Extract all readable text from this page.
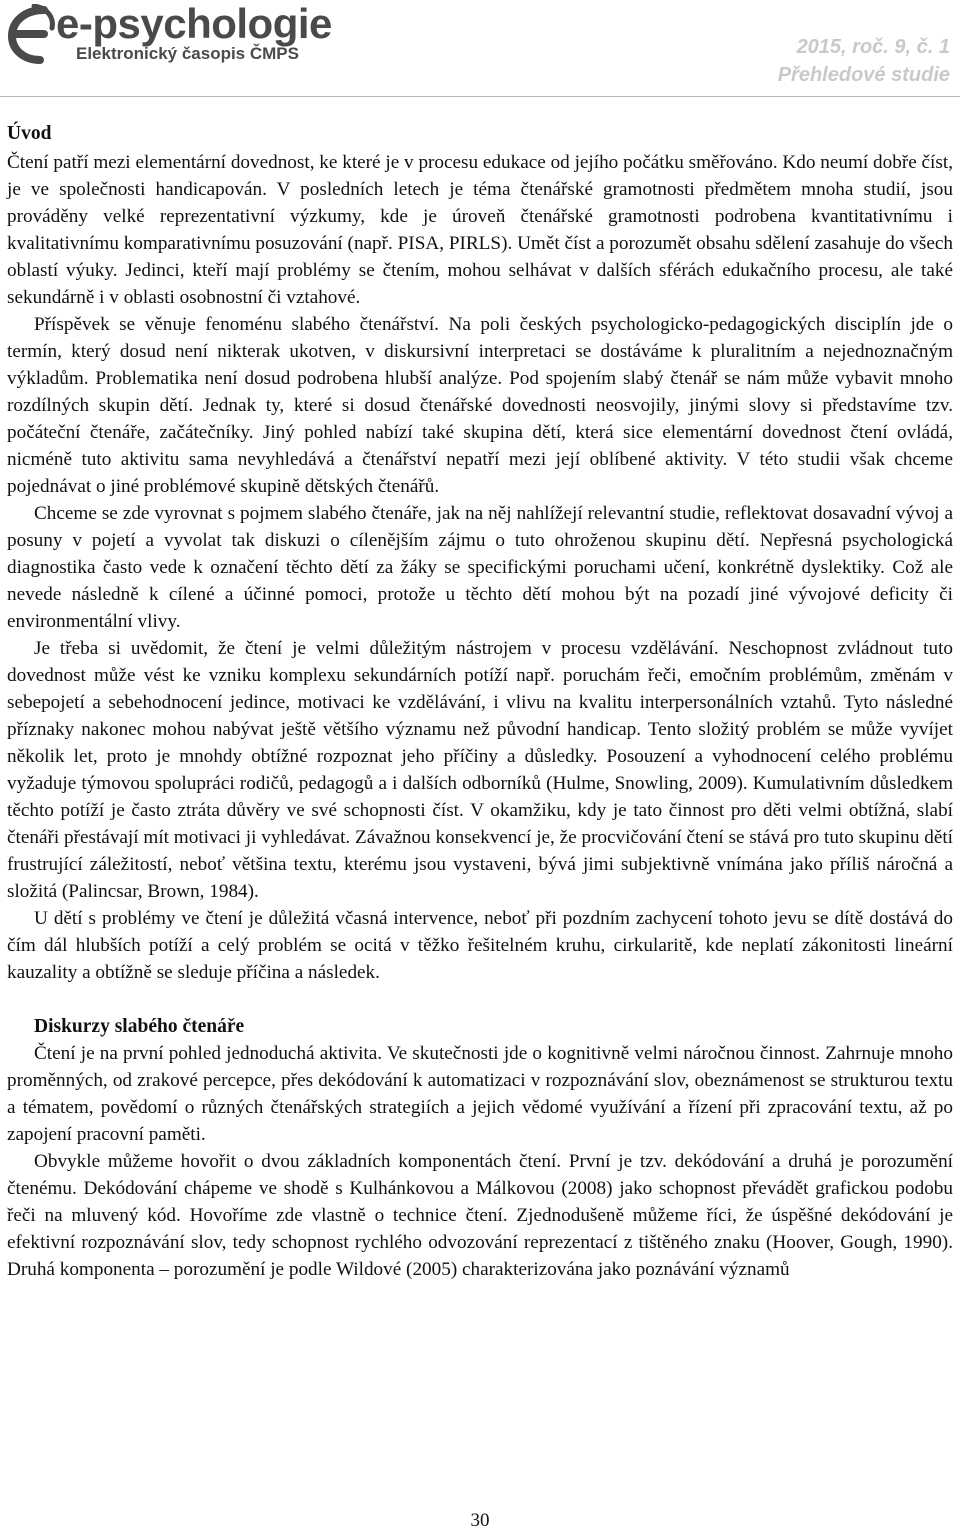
e-psychologie
Elektronický časopis ČMPS	2015, roč. 9, č. 1
Přehledové studie

Úvod

Čtení patří mezi elementární dovednost, ke které je v procesu edukace od jejího počátku směřováno. Kdo neumí dobře číst, je ve společnosti handicapován. V posledních letech je téma čtenářské gramotnosti předmětem mnoha studií, jsou prováděny velké reprezentativní výzkumy, kde je úroveň čtenářské gramotnosti podrobena kvantitativnímu i kvalitativnímu komparativnímu posuzování (např. PISA, PIRLS). Umět číst a porozumět obsahu sdělení zasahuje do všech oblastí výuky. Jedinci, kteří mají problémy se čtením, mohou selhávat v dalších sférách edukačního procesu, ale také sekundárně i v oblasti osobnostní či vztahové.

Příspěvek se věnuje fenoménu slabého čtenářství. Na poli českých psychologicko-pedagogických disciplín jde o termín, který dosud není nikterak ukotven, v diskursivní interpretaci se dostáváme k pluralitním a nejednoznačným výkladům. Problematika není dosud podrobena hlubší analýze. Pod spojením slabý čtenář se nám může vybavit mnoho rozdílných skupin dětí. Jednak ty, které si dosud čtenářské dovednosti neosvojily, jinými slovy si představíme tzv. počáteční čtenáře, začátečníky. Jiný pohled nabízí také skupina dětí, která sice elementární dovednost čtení ovládá, nicméně tuto aktivitu sama nevyhledává a čtenářství nepatří mezi její oblíbené aktivity. V této studii však chceme pojednávat o jiné problémové skupině dětských čtenářů.

Chceme se zde vyrovnat s pojmem slabého čtenáře, jak na něj nahlížejí relevantní studie, reflektovat dosavadní vývoj a posuny v pojetí a vyvolat tak diskuzi o cílenějším zájmu o tuto ohroženou skupinu dětí. Nepřesná psychologická diagnostika často vede k označení těchto dětí za žáky se specifickými poruchami učení, konkrétně dyslektiky. Což ale nevede následně k cílené a účinné pomoci, protože u těchto dětí mohou být na pozadí jiné vývojové deficity či environmentální vlivy.

Je třeba si uvědomit, že čtení je velmi důležitým nástrojem v procesu vzdělávání. Neschopnost zvládnout tuto dovednost může vést ke vzniku komplexu sekundárních potíží např. poruchám řeči, emočním problémům, změnám v sebepojetí a sebehodnocení jedince, motivaci ke vzdělávání, i vlivu na kvalitu interpersonálních vztahů. Tyto následné příznaky nakonec mohou nabývat ještě většího významu než původní handicap. Tento složitý problém se může vyvíjet několik let, proto je mnohdy obtížné rozpoznat jeho příčiny a důsledky. Posouzení a vyhodnocení celého problému vyžaduje týmovou spolupráci rodičů, pedagogů a i dalších odborníků (Hulme, Snowling, 2009). Kumulativním důsledkem těchto potíží je často ztráta důvěry ve své schopnosti číst. V okamžiku, kdy je tato činnost pro děti velmi obtížná, slabí čtenáři přestávají mít motivaci ji vyhledávat. Závažnou konsekvencí je, že procvičování čtení se stává pro tuto skupinu dětí frustrující záležitostí, neboť většina textu, kterému jsou vystaveni, bývá jimi subjektivně vnímána jako příliš náročná a složitá (Palincsar, Brown, 1984).

U dětí s problémy ve čtení je důležitá včasná intervence, neboť při pozdním zachycení tohoto jevu se dítě dostává do čím dál hlubších potíží a celý problém se ocitá v těžko řešitelném kruhu, cirkularitě, kde neplatí zákonitosti lineární kauzality a obtížně se sleduje příčina a následek.

Diskurzy slabého čtenáře

Čtení je na první pohled jednoduchá aktivita. Ve skutečnosti jde o kognitivně velmi náročnou činnost. Zahrnuje mnoho proměnných, od zrakové percepce, přes dekódování k automatizaci v rozpoznávání slov, obeznámenost se strukturou textu a tématem, povědomí o různých čtenářských strategiích a jejich vědomé využívání a řízení při zpracování textu, až po zapojení pracovní paměti.

Obvykle můžeme hovořit o dvou základních komponentách čtení. První je tzv. dekódování a druhá je porozumění čtenému. Dekódování chápeme ve shodě s Kulhánkovou a Málkovou (2008) jako schopnost převádět grafickou podobu řeči na mluvený kód. Hovoříme zde vlastně o technice čtení. Zjednodušeně můžeme říci, že úspěšné dekódování je efektivní rozpoznávání slov, tedy schopnost rychlého odvozování reprezentací z tištěného znaku (Hoover, Gough, 1990). Druhá komponenta – porozumění je podle Wildové (2005) charakterizována jako poznávání významů

30
